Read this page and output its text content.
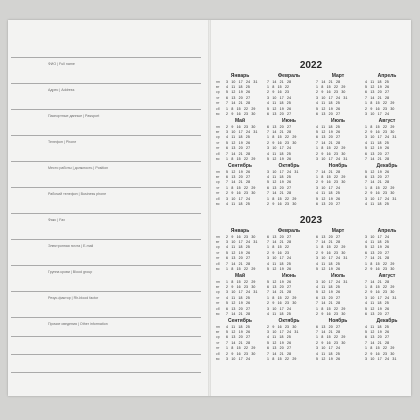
ФИО | Full name
Адрес | Address
Паспортные данные | Passport
Телефон | Phone
Место работы | должность | Position
Рабочий телефон | Business phone
Факс | Fax
Электронная почта | E-mail
Группа крови | Blood group
Резус-фактор | Rh-blood factor
Прочие сведения | Other information
2022
2023
Январь
пн	3 10 17 24 31
вт	4 11 18 25
ср	5 12 19 26
чт	6 13 20 27
пт	7 14 21 28
сб	1 8 15 22 29
вс	2 9 16 23 30
Февраль
7 14 21 28
1 8 15 22
2 9 16 23
3 10 17 24
4 11 18 25
5 12 19 26
6 13 20 27
Март
7 14 21 28
1 8 15 22 29
2 9 16 23 30
3 10 17 24 31
4 11 18 25
5 12 19 26
6 13 20 27
Апрель
4 11 18 25
5 12 19 26
6 13 20 27
7 14 21 28
1 8 15 22 29
2 9 16 23 30
3 10 17 24
Май
пн	2 9 16 23 30
вт	3 10 17 24 31
ср	4 11 18 25
чт	5 12 19 26
пт	6 13 20 27
сб	7 14 21 28
вс	1 8 15 22 29
Июнь
6 13 20 27
7 14 21 28
1 8 15 22 29
2 9 16 23 30
3 10 17 24
4 11 18 25
5 12 19 26
Июль
4 11 18 25
5 12 19 26
6 13 20 27
7 14 21 28
1 8 15 22 29
2 9 16 23 30
3 10 17 24 31
Август
1 8 15 22 29
2 9 16 23 30
3 10 17 24 31
4 11 18 25
5 12 19 26
6 13 20 27
7 14 21 28
Сентябрь
пн	5 12 19 26
вт	6 13 20 27
ср	7 14 21 28
чт	1 8 15 22 29
пт	2 9 16 23 30
сб	3 10 17 24
вс	4 11 18 25
Октябрь
3 10 17 24 31
4 11 18 25
5 12 19 26
6 13 20 27
7 14 21 28
1 8 15 22 29
2 9 16 23 30
Ноябрь
7 14 21 28
1 8 15 22 29
2 9 16 23 30
3 10 17 24
4 11 18 25
5 12 19 26
6 13 20 27
Декабрь
5 12 19 26
6 13 20 27
7 14 21 28
1 8 15 22 29
2 9 16 23 30
3 10 17 24 31
4 11 18 25
Январь
пн	2 9 16 23 30
вт	3 10 17 24 31
ср	4 11 18 25
чт	5 12 19 26
пт	6 13 20 27
сб	7 14 21 28
вс	1 8 15 22 29
Февраль
6 13 20 27
7 14 21 28
1 8 15 22
2 9 16 23
3 10 17 24
4 11 18 25
5 12 19 26
Март
6 13 20 27
7 14 21 28
1 8 15 22 29
2 9 16 23 30
3 10 17 24 31
4 11 18 25
5 12 19 26
Апрель
3 10 17 24
4 11 18 25
5 12 19 26
6 13 20 27
7 14 21 28
1 8 15 22 29
2 9 16 23 30
Май
пн	1 8 15 22 29
вт	2 9 16 23 30
ср	3 10 17 24 31
чт	4 11 18 25
пт	5 12 19 26
сб	6 13 20 27
вс	7 14 21 28
Июнь
5 12 19 26
6 13 20 27
7 14 21 28
1 8 15 22 29
2 9 16 23 30
3 10 17 24
4 11 18 25
Июль
3 10 17 24 31
4 11 18 25
5 12 19 26
6 13 20 27
7 14 21 28
1 8 15 22 29
2 9 16 23 30
Август
7 14 21 28
1 8 15 22 29
2 9 16 23 30
3 10 17 24 31
4 11 18 25
5 12 19 26
6 13 20 27
Сентябрь
пн	4 11 18 25
вт	5 12 19 26
ср	6 13 20 27
чт	7 14 21 28
пт	1 8 15 22 29
сб	2 9 16 23 30
вс	3 10 17 24
Октябрь
2 9 16 23 30
3 10 17 24 31
4 11 18 25
5 12 19 26
6 13 20 27
7 14 21 28
1 8 15 22 29
Ноябрь
6 13 20 27
7 14 21 28
1 8 15 22 29
2 9 16 23 30
3 10 17 24
4 11 18 25
5 12 19 26
Декабрь
4 11 18 25
5 12 19 26
6 13 20 27
7 14 21 28
1 8 15 22 29
2 9 16 23 30
3 10 17 24 31
